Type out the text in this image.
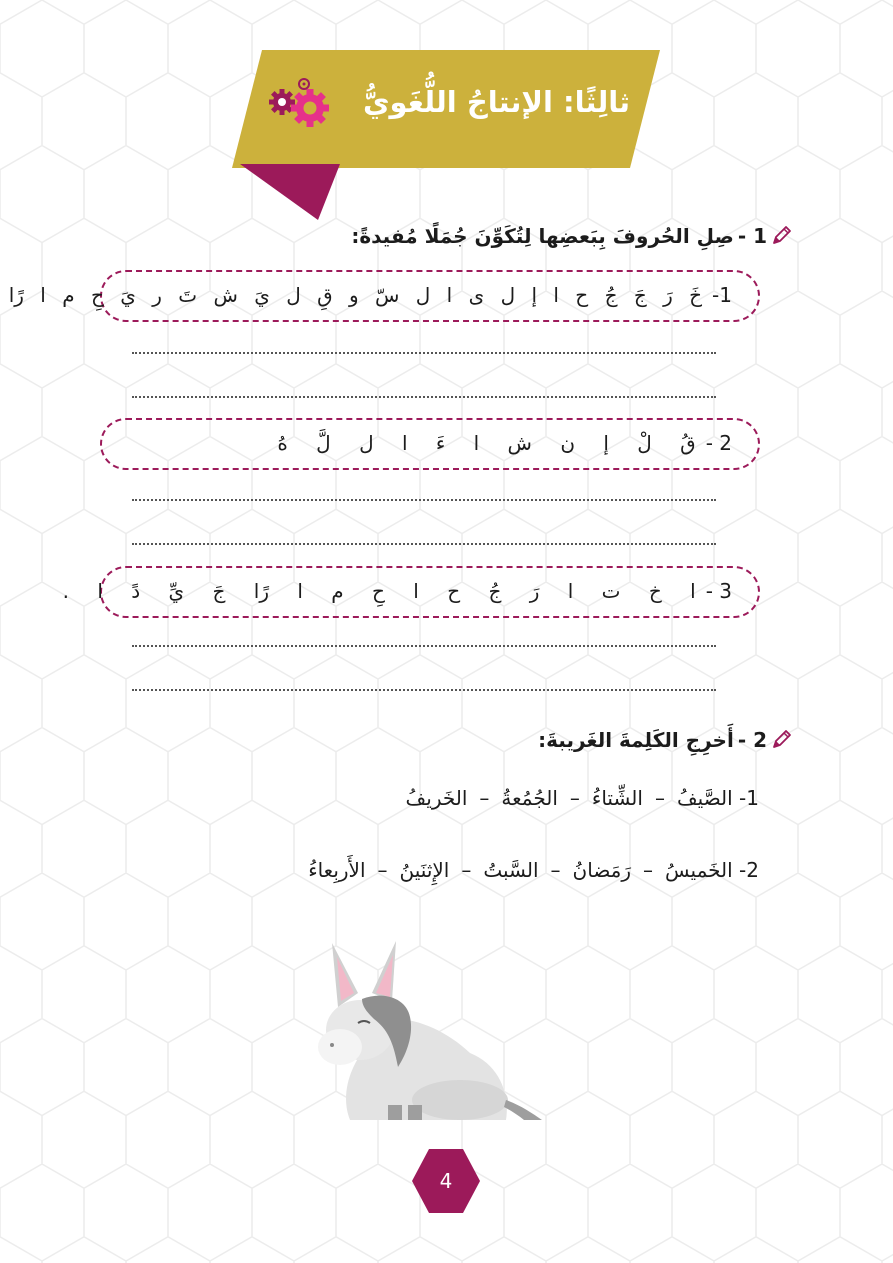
ثالِثًا: الإنتاجُ اللُّغَويُّ
1 -صِلِ الحُروفَ بِبَعضِها لِتُكَوِّنَ جُمَلًا مُفيدةً:
1-خَ رَ جَ جُ ح ا إ ل ى ا ل سّ و قِ ل يَ ش تَ ر يَ حِ م ا رًا
2 -قُ لْ إ ن ش ا ءَ ا ل لَّ هُ
3 -ا خ ت ا رَ جُ ح ا حِ م ا رًا جَ يِّ دً ا .
2 -أَخرِجِ الكَلِمةَ الغَريبةَ:
1- الصَّيفُ–الشِّتاءُ–الجُمُعةُ–الخَريفُ
2- الخَميسُ–رَمَضانُ–السَّبتُ–الإِثنَينُ–الأَربِعاءُ
4
